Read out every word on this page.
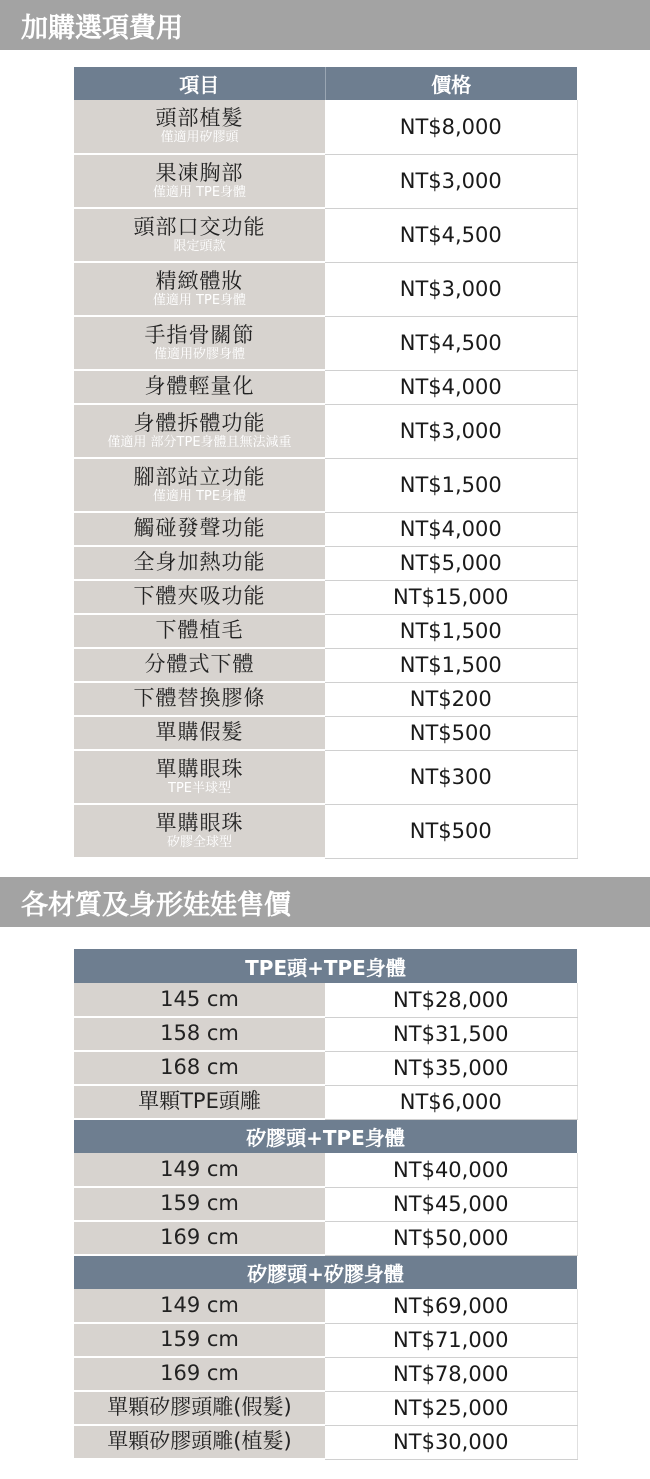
加購選項費用
項目	價格

頭部植髮
僅適用矽膠頭	NT$8,000

果凍胸部
僅適用 TPE身體	NT$3,000

頭部口交功能
限定頭款	NT$4,500

精緻體妝
僅適用 TPE身體	NT$3,000

手指骨關節
僅適用矽膠身體	NT$4,500

身體輕量化	NT$4,000

身體拆體功能
僅適用 部分TPE身體且無法減重	NT$3,000

腳部站立功能
僅適用 TPE身體	NT$1,500

觸碰發聲功能	NT$4,000

全身加熱功能	NT$5,000

下體夾吸功能	NT$15,000

下體植毛	NT$1,500

分體式下體	NT$1,500

下體替換膠條	NT$200

單購假髮	NT$500

單購眼珠
TPE半球型	NT$300

單購眼珠
矽膠全球型	NT$500
各材質及身形娃娃售價
TPE頭+TPE身體	
145 cm	NT$28,000
158 cm	NT$31,500
168 cm	NT$35,000
單顆TPE頭雕	NT$6,000
矽膠頭+TPE身體	
149 cm	NT$40,000
159 cm	NT$45,000
169 cm	NT$50,000
矽膠頭+矽膠身體	
149 cm	NT$69,000
159 cm	NT$71,000
169 cm	NT$78,000
單顆矽膠頭雕(假髮)	NT$25,000
單顆矽膠頭雕(植髮)	NT$30,000
